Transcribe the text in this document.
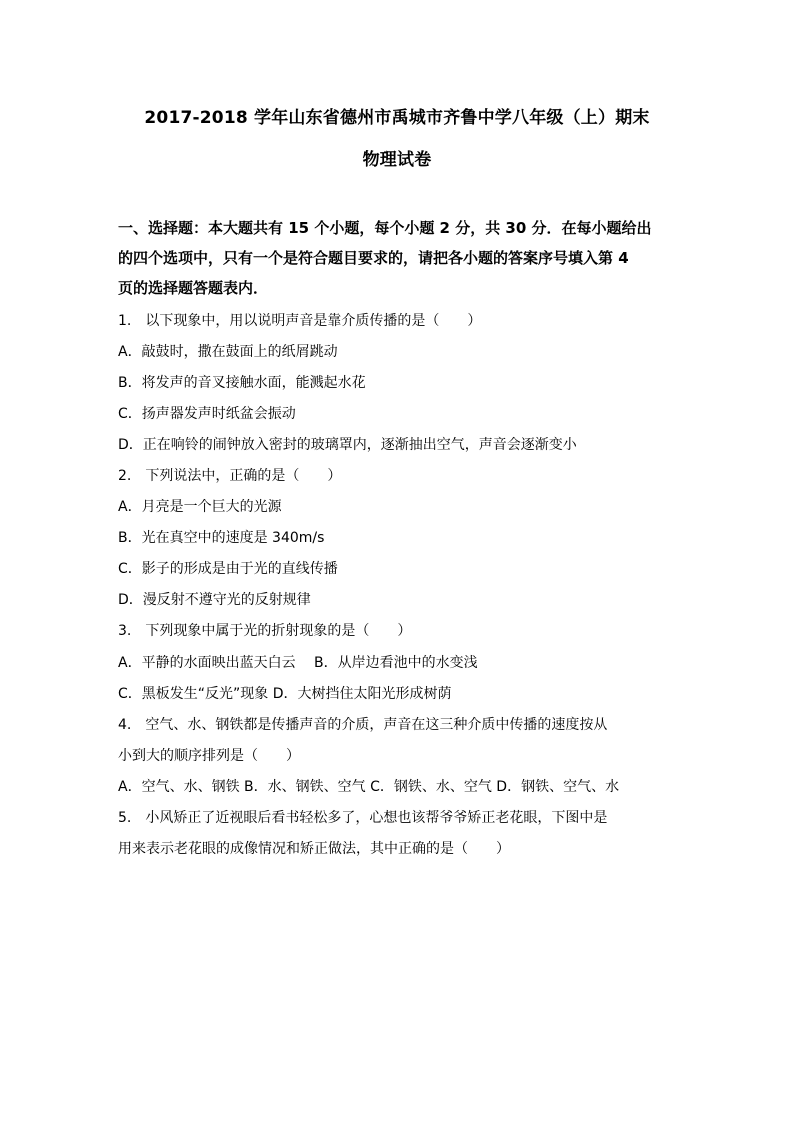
2017-2018 学年山东省德州市禹城市齐鲁中学八年级（上）期末
物理试卷
一、选择题：本大题共有 15 个小题，每个小题 2 分，共 30 分．在每小题给出
的四个选项中，只有一个是符合题目要求的，请把各小题的答案序号填入第 4
页的选择题答题表内．
1.　以下现象中，用以说明声音是靠介质传播的是（　　）
A．敲鼓时，撒在鼓面上的纸屑跳动
B．将发声的音叉接触水面，能溅起水花
C．扬声器发声时纸盆会振动
D．正在响铃的闹钟放入密封的玻璃罩内，逐渐抽出空气，声音会逐渐变小
2.　下列说法中，正确的是（　　）
A．月亮是一个巨大的光源
B．光在真空中的速度是 340m/s
C．影子的形成是由于光的直线传播
D．漫反射不遵守光的反射规律
3.　下列现象中属于光的折射现象的是（　　）
A．平静的水面映出蓝天白云　 B．从岸边看池中的水变浅
C．黑板发生“反光”现象 D．大树挡住太阳光形成树荫
4.　空气、水、钢铁都是传播声音的介质，声音在这三种介质中传播的速度按从
小到大的顺序排列是（　　）
A．空气、水、钢铁 B．水、钢铁、空气 C．钢铁、水、空气 D．钢铁、空气、水
5.　小风矫正了近视眼后看书轻松多了，心想也该帮爷爷矫正老花眼，下图中是
用来表示老花眼的成像情况和矫正做法，其中正确的是（　　）
